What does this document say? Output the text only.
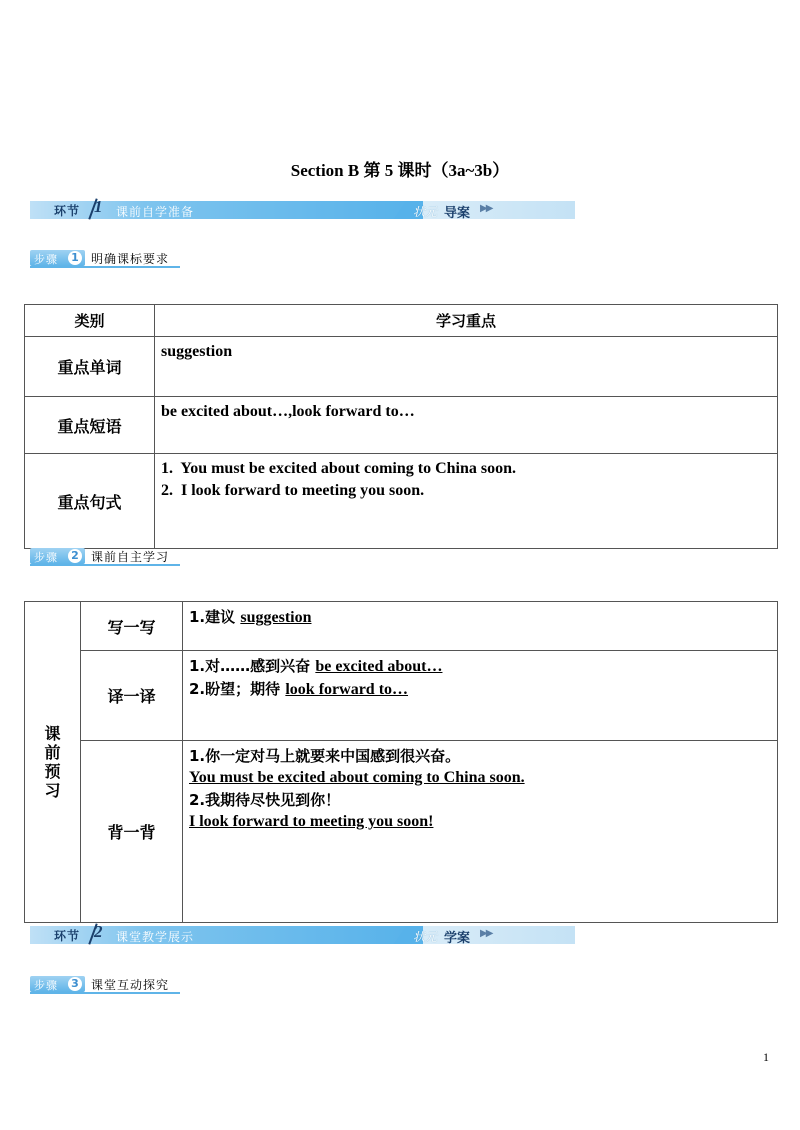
Section B 第 5 课时（3a~3b）
环节 1 课前自学准备	状元 导案 ▶▶
步骤 1 明确课标要求
类别	学习重点
重点单词	suggestion

重点短语	be excited about…,look forward to…

重点句式	1.  You must be excited about coming to China soon.
2.  I look forward to meeting you soon.
步骤 2 课前自主学习
课
前
预
习	写一写	1.建议 suggestion
	译一译	1.对……感到兴奋 be excited about…
2.盼望；期待 look forward to…

	背一背	1.你一定对马上就要来中国感到很兴奋。
You must be excited about coming to China soon.
2.我期待尽快见到你！
I look forward to meeting you soon!
环节 2 课堂教学展示	状元 学案 ▶▶
步骤 3 课堂互动探究
1
